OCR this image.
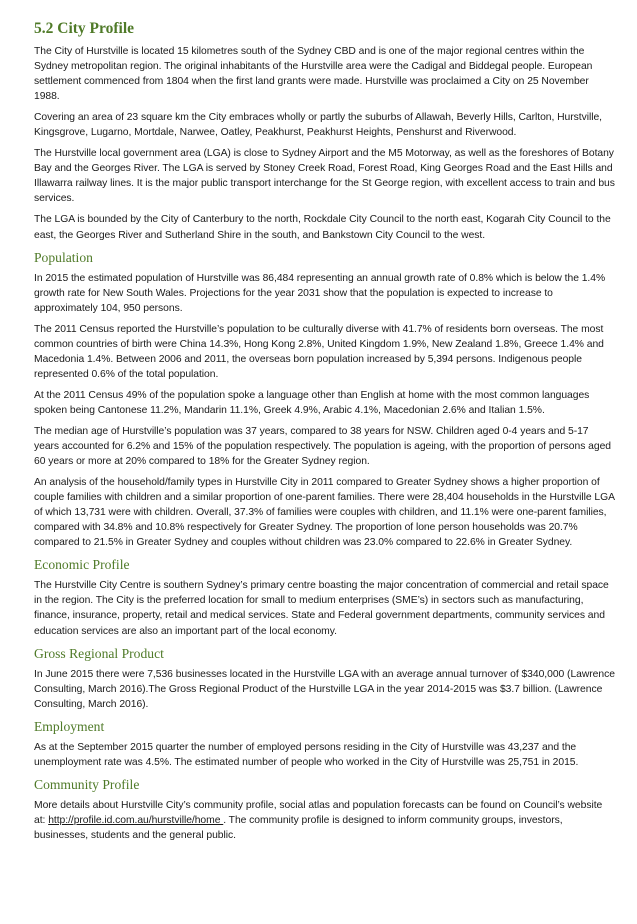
5.2 City Profile

The City of Hurstville is located 15 kilometres south of the Sydney CBD and is one of the major regional centres within the Sydney metropolitan region. The original inhabitants of the Hurstville area were the Cadigal and Biddegal people. European settlement commenced from 1804 when the first land grants were made. Hurstville was proclaimed a City on 25 November 1988.

Covering an area of 23 square km the City embraces wholly or partly the suburbs of Allawah, Beverly Hills, Carlton, Hurstville, Kingsgrove, Lugarno, Mortdale, Narwee, Oatley, Peakhurst, Peakhurst Heights, Penshurst and Riverwood.

The Hurstville local government area (LGA) is close to Sydney Airport and the M5 Motorway, as well as the foreshores of Botany Bay and the Georges River. The LGA is served by Stoney Creek Road, Forest Road, King Georges Road and the East Hills and Illawarra railway lines. It is the major public transport interchange for the St George region, with excellent access to train and bus services.

The LGA is bounded by the City of Canterbury to the north, Rockdale City Council to the north east, Kogarah City Council to the east, the Georges River and Sutherland Shire in the south, and Bankstown City Council to the west.

Population

In 2015 the estimated population of Hurstville was 86,484 representing an annual growth rate of 0.8% which is below the 1.4% growth rate for New South Wales. Projections for the year 2031 show that the population is expected to increase to approximately 104, 950 persons.

The 2011 Census reported the Hurstville’s population to be culturally diverse with 41.7% of residents born overseas. The most common countries of birth were China 14.3%, Hong Kong 2.8%, United Kingdom 1.9%, New Zealand 1.8%, Greece 1.4% and Macedonia 1.4%. Between 2006 and 2011, the overseas born population increased by 5,394 persons. Indigenous people represented 0.6% of the total population.

At the 2011 Census 49% of the population spoke a language other than English at home with the most common languages spoken being Cantonese 11.2%, Mandarin 11.1%, Greek 4.9%, Arabic 4.1%, Macedonian 2.6% and Italian 1.5%.

The median age of Hurstville’s population was 37 years, compared to 38 years for NSW. Children aged 0-4 years and 5-17 years accounted for 6.2% and 15% of the population respectively. The population is ageing, with the proportion of persons aged 60 years or more at 20% compared to 18% for the Greater Sydney region.

An analysis of the household/family types in Hurstville City in 2011 compared to Greater Sydney shows a higher proportion of couple families with children and a similar proportion of one-parent families. There were 28,404 households in the Hurstville LGA of which 13,731 were with children. Overall, 37.3% of families were couples with children, and 11.1% were one-parent families, compared with 34.8% and 10.8% respectively for Greater Sydney. The proportion of lone person households was 20.7% compared to 21.5% in Greater Sydney and couples without children was 23.0% compared to 22.6% in Greater Sydney.

Economic Profile

The Hurstville City Centre is southern Sydney’s primary centre boasting the major concentration of commercial and retail space in the region. The City is the preferred location for small to medium enterprises (SME’s) in sectors such as manufacturing, finance, insurance, property, retail and medical services. State and Federal government departments, community services and education services are also an important part of the local economy.

Gross Regional Product

In June 2015 there were 7,536 businesses located in the Hurstville LGA with an average annual turnover of $340,000 (Lawrence Consulting, March 2016).The Gross Regional Product of the Hurstville LGA in the year 2014-2015 was $3.7 billion. (Lawrence Consulting, March 2016).

Employment

As at the September 2015 quarter the number of employed persons residing in the City of Hurstville was 43,237 and the unemployment rate was 4.5%. The estimated number of people who worked in the City of Hurstville was 25,751 in 2015.

Community Profile

More details about Hurstville City’s community profile, social atlas and population forecasts can be found on Council’s website at: http://profile.id.com.au/hurstville/home . The community profile is designed to inform community groups, investors, businesses, students and the general public.
